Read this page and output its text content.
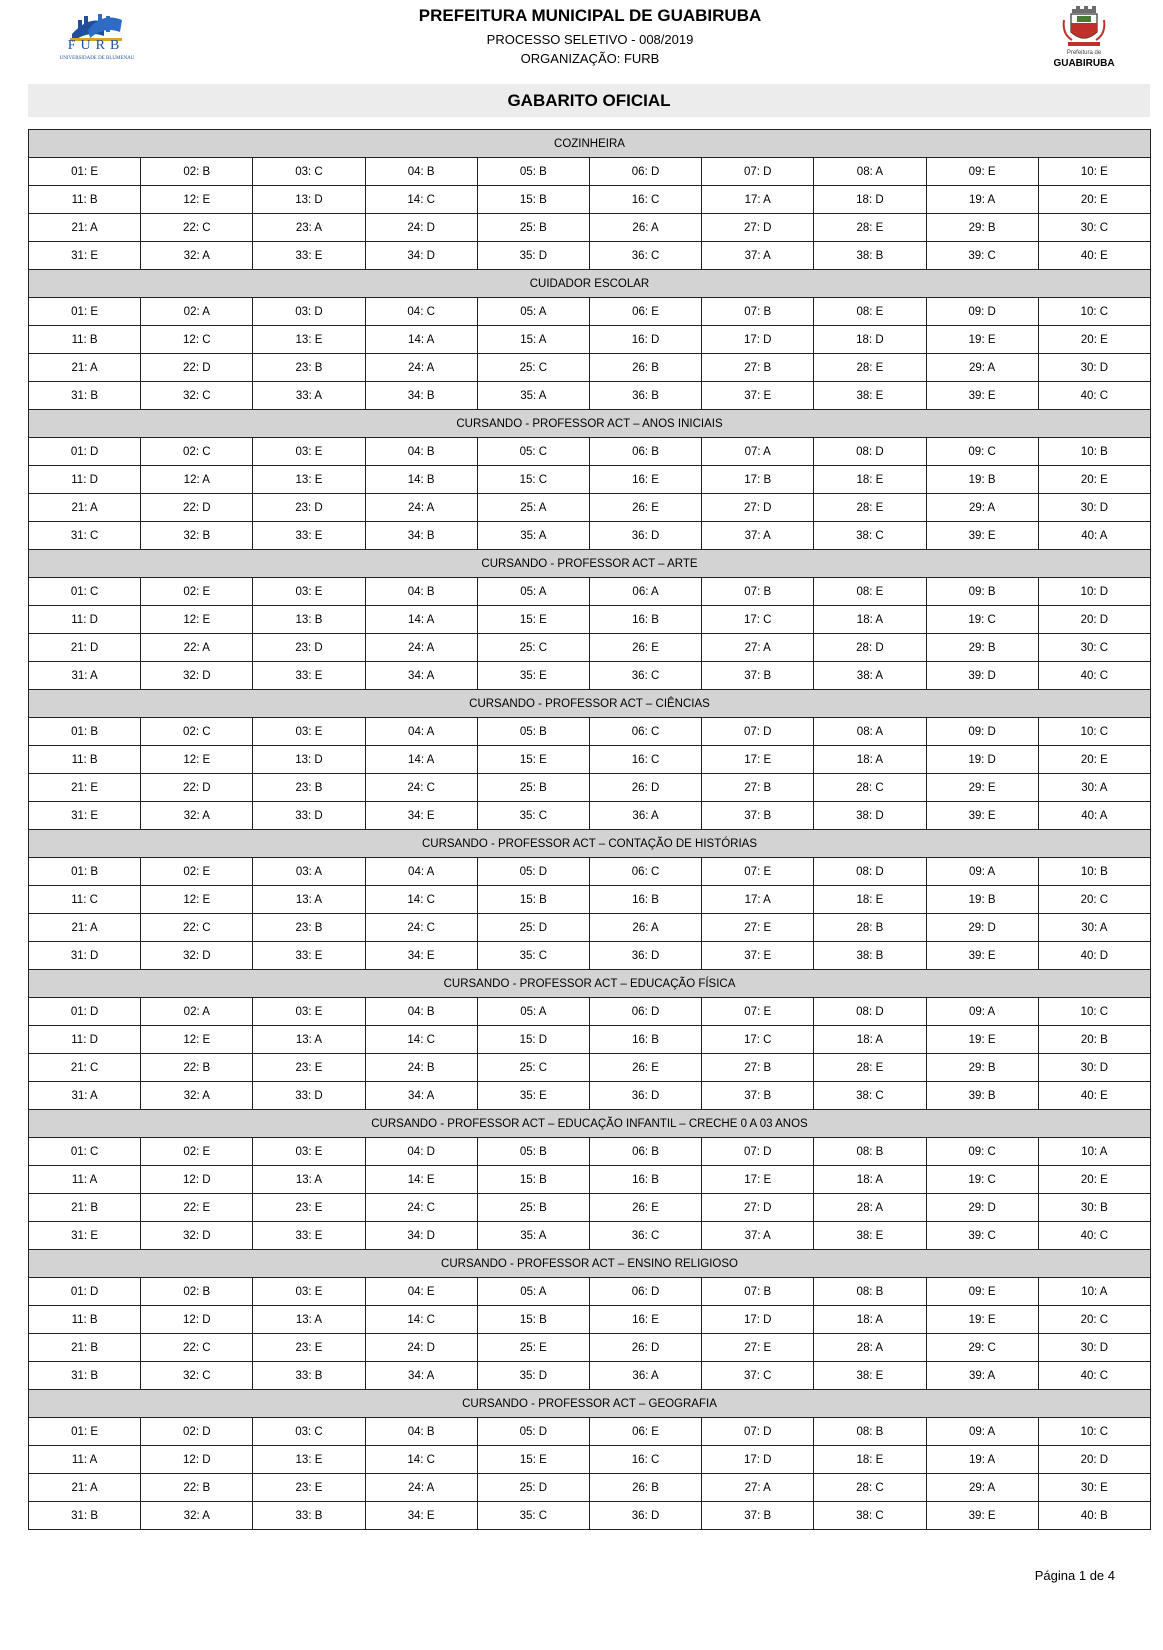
FURB
UNIVERSIDADE DE BLUMENAU
PREFEITURA MUNICIPAL DE GUABIRUBA
PROCESSO SELETIVO - 008/2019
ORGANIZAÇÃO: FURB	Prefeitura de
GUABIRUBA
GABARITO OFICIAL
COZINHEIRA									
01: E	02: B	03: C	04: B	05: B	06: D	07: D	08: A	09: E	10: E
11: B	12: E	13: D	14: C	15: B	16: C	17: A	18: D	19: A	20: E
21: A	22: C	23: A	24: D	25: B	26: A	27: D	28: E	29: B	30: C
31: E	32: A	33: E	34: D	35: D	36: C	37: A	38: B	39: C	40: E
CUIDADOR ESCOLAR									
01: E	02: A	03: D	04: C	05: A	06: E	07: B	08: E	09: D	10: C
11: B	12: C	13: E	14: A	15: A	16: D	17: D	18: D	19: E	20: E
21: A	22: D	23: B	24: A	25: C	26: B	27: B	28: E	29: A	30: D
31: B	32: C	33: A	34: B	35: A	36: B	37: E	38: E	39: E	40: C
CURSANDO - PROFESSOR ACT – ANOS INICIAIS									
01: D	02: C	03: E	04: B	05: C	06: B	07: A	08: D	09: C	10: B
11: D	12: A	13: E	14: B	15: C	16: E	17: B	18: E	19: B	20: E
21: A	22: D	23: D	24: A	25: A	26: E	27: D	28: E	29: A	30: D
31: C	32: B	33: E	34: B	35: A	36: D	37: A	38: C	39: E	40: A
CURSANDO - PROFESSOR ACT – ARTE									
01: C	02: E	03: E	04: B	05: A	06: A	07: B	08: E	09: B	10: D
11: D	12: E	13: B	14: A	15: E	16: B	17: C	18: A	19: C	20: D
21: D	22: A	23: D	24: A	25: C	26: E	27: A	28: D	29: B	30: C
31: A	32: D	33: E	34: A	35: E	36: C	37: B	38: A	39: D	40: C
CURSANDO - PROFESSOR ACT – CIÊNCIAS									
01: B	02: C	03: E	04: A	05: B	06: C	07: D	08: A	09: D	10: C
11: B	12: E	13: D	14: A	15: E	16: C	17: E	18: A	19: D	20: E
21: E	22: D	23: B	24: C	25: B	26: D	27: B	28: C	29: E	30: A
31: E	32: A	33: D	34: E	35: C	36: A	37: B	38: D	39: E	40: A
CURSANDO - PROFESSOR ACT – CONTAÇÃO DE HISTÓRIAS									
01: B	02: E	03: A	04: A	05: D	06: C	07: E	08: D	09: A	10: B
11: C	12: E	13: A	14: C	15: B	16: B	17: A	18: E	19: B	20: C
21: A	22: C	23: B	24: C	25: D	26: A	27: E	28: B	29: D	30: A
31: D	32: D	33: E	34: E	35: C	36: D	37: E	38: B	39: E	40: D
CURSANDO - PROFESSOR ACT – EDUCAÇÃO FÍSICA									
01: D	02: A	03: E	04: B	05: A	06: D	07: E	08: D	09: A	10: C
11: D	12: E	13: A	14: C	15: D	16: B	17: C	18: A	19: E	20: B
21: C	22: B	23: E	24: B	25: C	26: E	27: B	28: E	29: B	30: D
31: A	32: A	33: D	34: A	35: E	36: D	37: B	38: C	39: B	40: E
CURSANDO - PROFESSOR ACT – EDUCAÇÃO INFANTIL – CRECHE 0 A 03 ANOS									
01: C	02: E	03: E	04: D	05: B	06: B	07: D	08: B	09: C	10: A
11: A	12: D	13: A	14: E	15: B	16: B	17: E	18: A	19: C	20: E
21: B	22: E	23: E	24: C	25: B	26: E	27: D	28: A	29: D	30: B
31: E	32: D	33: E	34: D	35: A	36: C	37: A	38: E	39: C	40: C
CURSANDO - PROFESSOR ACT – ENSINO RELIGIOSO									
01: D	02: B	03: E	04: E	05: A	06: D	07: B	08: B	09: E	10: A
11: B	12: D	13: A	14: C	15: B	16: E	17: D	18: A	19: E	20: C
21: B	22: C	23: E	24: D	25: E	26: D	27: E	28: A	29: C	30: D
31: B	32: C	33: B	34: A	35: D	36: A	37: C	38: E	39: A	40: C
CURSANDO - PROFESSOR ACT – GEOGRAFIA									
01: E	02: D	03: C	04: B	05: D	06: E	07: D	08: B	09: A	10: C
11: A	12: D	13: E	14: C	15: E	16: C	17: D	18: E	19: A	20: D
21: A	22: B	23: E	24: A	25: D	26: B	27: A	28: C	29: A	30: E
31: B	32: A	33: B	34: E	35: C	36: D	37: B	38: C	39: E	40: B
Página 1 de 4
